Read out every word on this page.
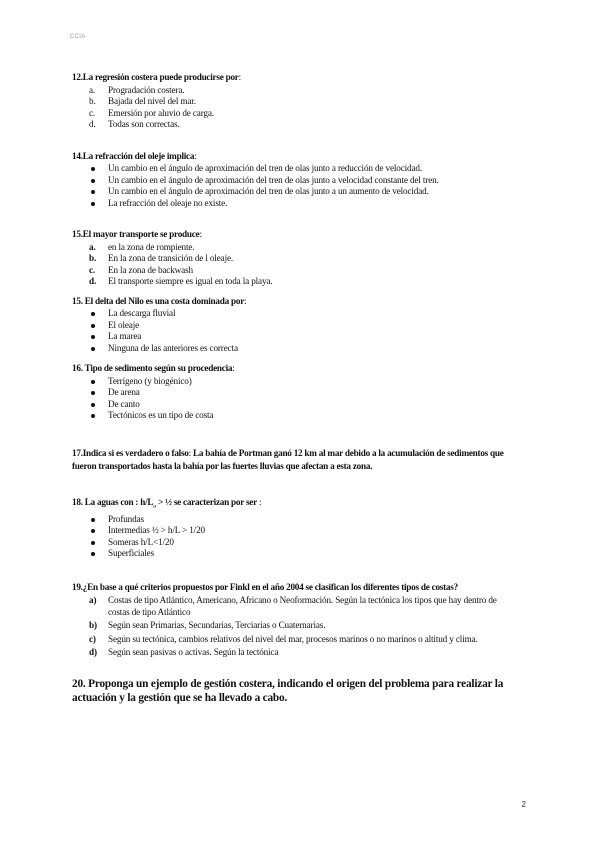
CCIA
12.La regresión costera puede producirse por:
a.	Progradación costera.
b.	Bajada del nivel del mar.
c.	Emersión por aluvio de carga.
d.	Todas son correctas.
14.La refracción del oleje implica:
Un cambio en el ángulo de aproximación del tren de olas junto a reducción de velocidad.
Un cambio en el ángulo de aproximación del tren de olas junto a velocidad constante del tren.
Un cambio en el ángulo de aproximación del tren de olas junto a un aumento de velocidad.
La refracción del oleaje no existe.
15.El mayor transporte se produce:
a.	en la zona de rompiente.
b.	En la zona de transición de l oleaje.
c.	En la zona de backwash
d.	El transporte siempre es igual en toda la playa.
15. El delta del Nilo es una costa dominada por:
La descarga fluvial
El oleaje
La marea
Ninguna de las anteriores es correcta
16. Tipo de sedimento según su procedencia:
Terrígeno (y biogénico)
De arena
De canto
Tectónicos es un tipo de costa
17.Indica si es verdadero o falso: La bahía de Portman ganó 12 km al mar debido a la acumulación de sedimentos que fueron transportados hasta la bahía por las fuertes lluvias que afectan a esta zona.
18. La aguas con : $h/L_o$ > ½ se caracterizan por ser :
Profundas
Intermedias ½ > h/L > 1/20
Someras h/L<1/20
Superficiales
19.¿En base a qué criterios propuestos por Finkl en el año 2004 se clasifican los diferentes tipos de costas?
a)	Costas de tipo Atlántico, Americano, Africano o Neoformación. Según la tectónica los tipos que hay dentro de costas de tipo Atlántico
b)	Según sean Primarias, Secundarias, Terciarias o Cuaternarias.
c)	Según su tectónica, cambios relativos del nivel del mar, procesos marinos o no marinos o altitud y clima.
d)	Según sean pasivas o activas. Según la tectónica
20. Proponga un ejemplo de gestión costera, indicando el origen del problema para realizar la actuación y la gestión que se ha llevado a cabo.
2
